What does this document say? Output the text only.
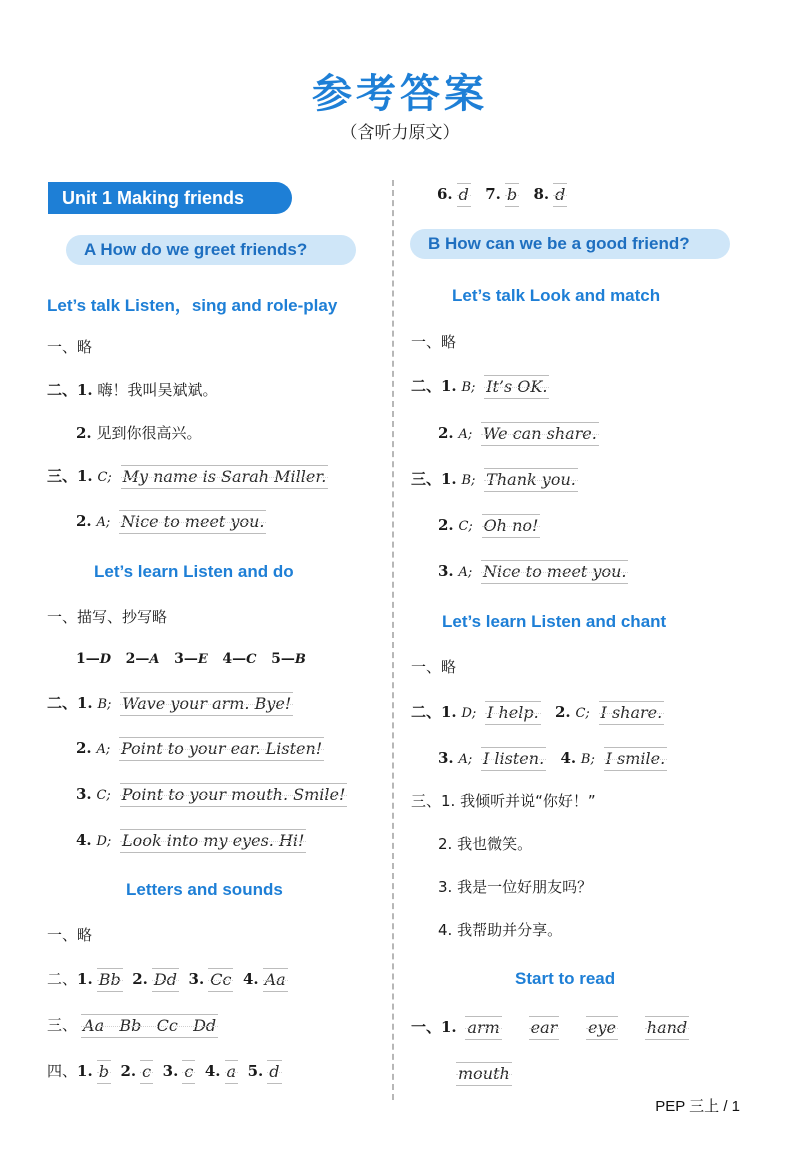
参考答案
（含听力原文）
Unit 1 Making friends
A How do we greet friends?
Let’s talk Listen，sing and role-play
一、略
二、1. 嗨！我叫吴斌斌。
2. 见到你很高兴。
三、1. C; My name is Sarah Miller.
2. A; Nice to meet you.
Let’s learn Listen and do
一、描写、抄写略
1—D 2—A 3—E 4—C 5—B
二、1. B; Wave your arm. Bye!
2. A; Point to your ear. Listen!
3. C; Point to your mouth. Smile!
4. D; Look into my eyes. Hi!
Letters and sounds
一、略
二、1. Bb 2. Dd 3. Cc 4. Aa
三、 Aa   Bb   Cc   Dd
四、1. b 2. c 3. c 4. a 5. d
6. d 7. b 8. d
B How can we be a good friend?
Let’s talk Look and match
一、略
二、1. B; It’s OK.
2. A; We can share.
三、1. B; Thank you.
2. C; Oh no!
3. A; Nice to meet you.
Let’s learn Listen and chant
一、略
二、1. D; I help. 2. C; I share.
3. A; I listen. 4. B; I smile.
三、1. 我倾听并说“你好！”
2. 我也微笑。
3. 我是一位好朋友吗？
4. 我帮助并分享。
Start to read
一、1. arm ear eye hand
mouth
PEP 三上 / 1
